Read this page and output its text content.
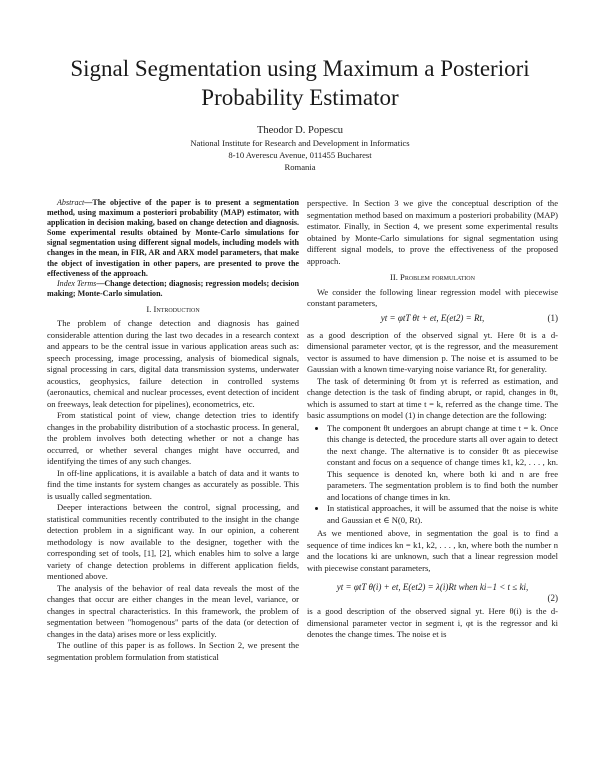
Signal Segmentation using Maximum a Posteriori Probability Estimator
Theodor D. Popescu
National Institute for Research and Development in Informatics
8-10 Averescu Avenue, 011455 Bucharest
Romania

Abstract—The objective of the paper is to present a segmentation method, using maximum a posteriori probability (MAP) estimator, with application in decision making, based on change detection and diagnosis. Some experimental results obtained by Monte-Carlo simulations for signal segmentation using different signal models, including models with changes in the mean, in FIR, AR and ARX model parameters, that make the object of investigation in other papers, are presented to prove the effectiveness of the approach.

Index Terms—Change detection; diagnosis; regression models; decision making; Monte-Carlo simulation.

I. Introduction

The problem of change detection and diagnosis has gained considerable attention during the last two decades in a research context and appears to be the central issue in various application areas such as: speech processing, image processing, analysis of biomedical signals, signal processing in cars, digital data transmission systems, underwater acoustics, geophysics, failure detection in controlled systems (aeronautics, chemical and nuclear processes, event detection of incident on freeways, leak detection for pipelines), econometrics, etc.

From statistical point of view, change detection tries to identify changes in the probability distribution of a stochastic process. In general, the problem involves both detecting whether or not a change has occurred, or whether several changes might have occurred, and identifying the times of any such changes.

In off-line applications, it is available a batch of data and it wants to find the time instants for system changes as accurately as possible. This is usually called segmentation.

Deeper interactions between the control, signal processing, and statistical communities recently contributed to the insight in the change detection problem in a significant way. In our opinion, a coherent methodology is now available to the designer, together with the corresponding set of tools, [1], [2], which enables him to solve a large variety of change detection problems in different application fields, mentioned above.

The analysis of the behavior of real data reveals the most of the changes that occur are either changes in the mean level, variance, or changes in spectral characteristics. In this framework, the problem of segmentation between "homogenous" parts of the data (or detection of changes in the data) arises more or less explicitly.

The outline of this paper is as follows. In Section 2, we present the segmentation problem formulation from statistical

perspective. In Section 3 we give the conceptual description of the segmentation method based on maximum a posteriori probability (MAP) estimator. Finally, in Section 4, we present some experimental results obtained by Monte-Carlo simulations for signal segmentation using different signal models, to prove the effectiveness of the proposed approach.

II. Problem formulation

We consider the following linear regression model with piecewise constant parameters,

yt = φtT θt + et, E(et2) = Rt,	(1)

as a good description of the observed signal yt. Here θt is a d-dimensional parameter vector, φt is the regressor, and the measurement vector is assumed to have dimension p. The noise et is assumed to be Gaussian with a known time-varying noise variance Rt, for generality.

The task of determining θt from yt is referred as estimation, and change detection is the task of finding abrupt, or rapid, changes in θt, which is assumed to start at time t = k, referred as the change time. The basic assumptions on model (1) in change detection are the following:

• The component θt undergoes an abrupt change at time t = k. Once this change is detected, the procedure starts all over again to detect the next change. The alternative is to consider θt as piecewise constant and focus on a sequence of change times k1, k2, . . . , kn. This sequence is denoted kn, where both ki and n are free parameters. The segmentation problem is to find both the number and locations of change times in kn.
• In statistical approaches, it will be assumed that the noise is white and Gaussian et ∈ N(0, Rt).

As we mentioned above, in segmentation the goal is to find a sequence of time indices kn = k1, k2, . . . , kn, where both the number n and the locations ki are unknown, such that a linear regression model with piecewise constant parameters,

yt = φtT θ(i) + et, E(et2) = λ(i)Rt when ki−1 < t ≤ ki,
(2)

is a good description of the observed signal yt. Here θ(i) is the d-dimensional parameter vector in segment i, φt is the regressor and ki denotes the change times. The noise et is
